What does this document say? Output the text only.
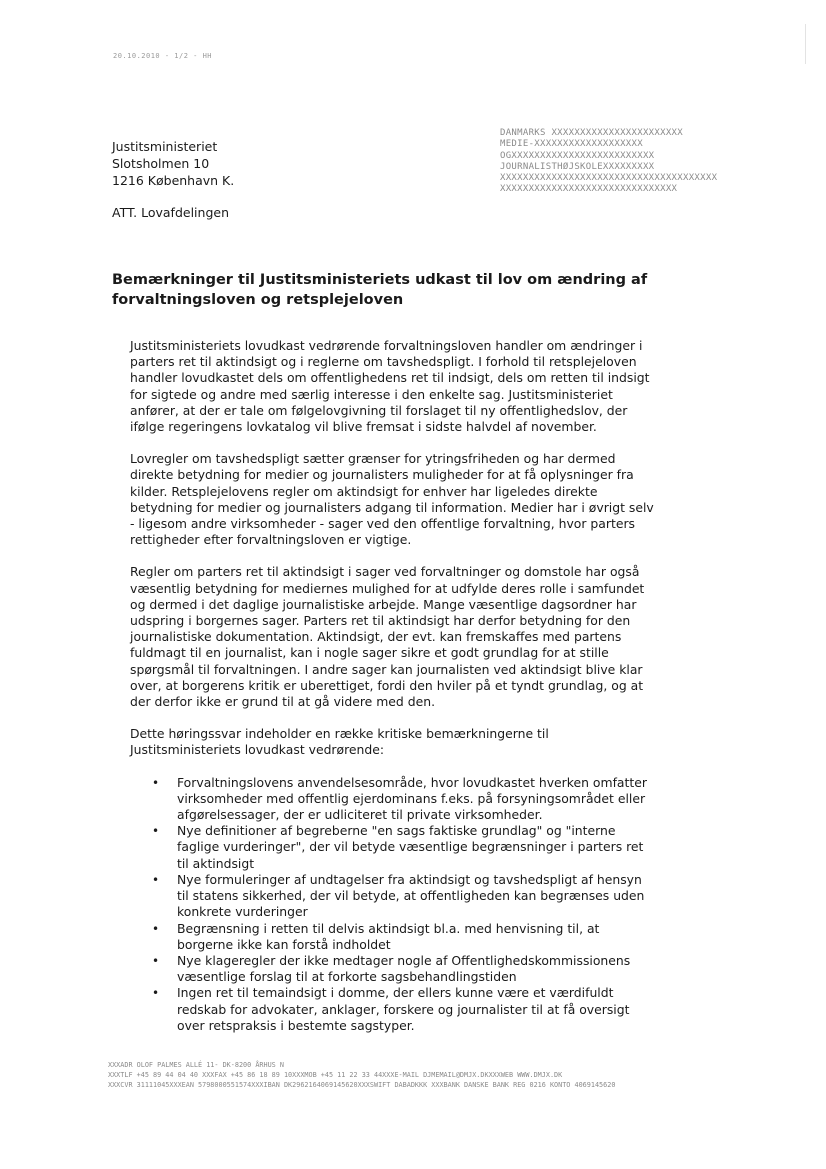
20.10.2010 - 1/2 - HH
Justitsministeriet
Slotsholmen 10
1216 København K.
ATT. Lovafdelingen
DANMARKS XXXXXXXXXXXXXXXXXXXXXXX
MEDIE-XXXXXXXXXXXXXXXXXXX
OGXXXXXXXXXXXXXXXXXXXXXXXXX
JOURNALISTHØJSKOLEXXXXXXXXX
XXXXXXXXXXXXXXXXXXXXXXXXXXXXXXXXXXXXXX
XXXXXXXXXXXXXXXXXXXXXXXXXXXXXXX
Bemærkninger til Justitsministeriets udkast til lov om ændring af
forvaltningsloven og retsplejeloven
Justitsministeriets lovudkast vedrørende forvaltningsloven handler om ændringer i
parters ret til aktindsigt og i reglerne om tavshedspligt. I forhold til retsplejeloven
handler lovudkastet dels om offentlighedens ret til indsigt, dels om retten til indsigt
for sigtede og andre med særlig interesse i den enkelte sag. Justitsministeriet
anfører, at der er tale om følgelovgivning til forslaget til ny offentlighedslov, der
ifølge regeringens lovkatalog vil blive fremsat i sidste halvdel af november.
Lovregler om tavshedspligt sætter grænser for ytringsfriheden og har dermed
direkte betydning for medier og journalisters muligheder for at få oplysninger fra
kilder. Retsplejelovens regler om aktindsigt for enhver har ligeledes direkte
betydning for medier og journalisters adgang til information. Medier har i øvrigt selv
- ligesom andre virksomheder - sager ved den offentlige forvaltning, hvor parters
rettigheder efter forvaltningsloven er vigtige.
Regler om parters ret til aktindsigt i sager ved forvaltninger og domstole har også
væsentlig betydning for mediernes mulighed for at udfylde deres rolle i samfundet
og dermed i det daglige journalistiske arbejde. Mange væsentlige dagsordner har
udspring i borgernes sager. Parters ret til aktindsigt har derfor betydning for den
journalistiske dokumentation. Aktindsigt, der evt. kan fremskaffes med partens
fuldmagt til en journalist, kan i nogle sager sikre et godt grundlag for at stille
spørgsmål til forvaltningen. I andre sager kan journalisten ved aktindsigt blive klar
over, at borgerens kritik er uberettiget, fordi den hviler på et tyndt grundlag, og at
der derfor ikke er grund til at gå videre med den.
Dette høringssvar indeholder en række kritiske bemærkningerne til
Justitsministeriets lovudkast vedrørende:
• Forvaltningslovens anvendelsesområde, hvor lovudkastet hverken omfatter
virksomheder med offentlig ejerdominans f.eks. på forsyningsområdet eller
afgørelsessager, der er udliciteret til private virksomheder.
• Nye definitioner af begreberne "en sags faktiske grundlag" og "interne
faglige vurderinger", der vil betyde væsentlige begrænsninger i parters ret
til aktindsigt
• Nye formuleringer af undtagelser fra aktindsigt og tavshedspligt af hensyn
til statens sikkerhed, der vil betyde, at offentligheden kan begrænses uden
konkrete vurderinger
• Begrænsning i retten til delvis aktindsigt bl.a. med henvisning til, at
borgerne ikke kan forstå indholdet
• Nye klageregler der ikke medtager nogle af Offentlighedskommissionens
væsentlige forslag til at forkorte sagsbehandlingstiden
• Ingen ret til temaindsigt i domme, der ellers kunne være et værdifuldt
redskab for advokater, anklager, forskere og journalister til at få oversigt
over retspraksis i bestemte sagstyper.
XXXADR OLOF PALMES ALLÉ 11- DK-8200 ÅRHUS N
XXXTLF +45 89 44 04 40 XXXFAX +45 86 18 89 10XXXMOB +45 11 22 33 44XXXE-MAIL DJMEMAIL@DMJX.DKXXXWEB WWW.DMJX.DK
XXXCVR 31111045XXXEAN 5798000551574XXXIBAN DK2962164069145620XXXSWIFT DABADKKK XXXBANK DANSKE BANK REG 0216 KONTO 4069145620
